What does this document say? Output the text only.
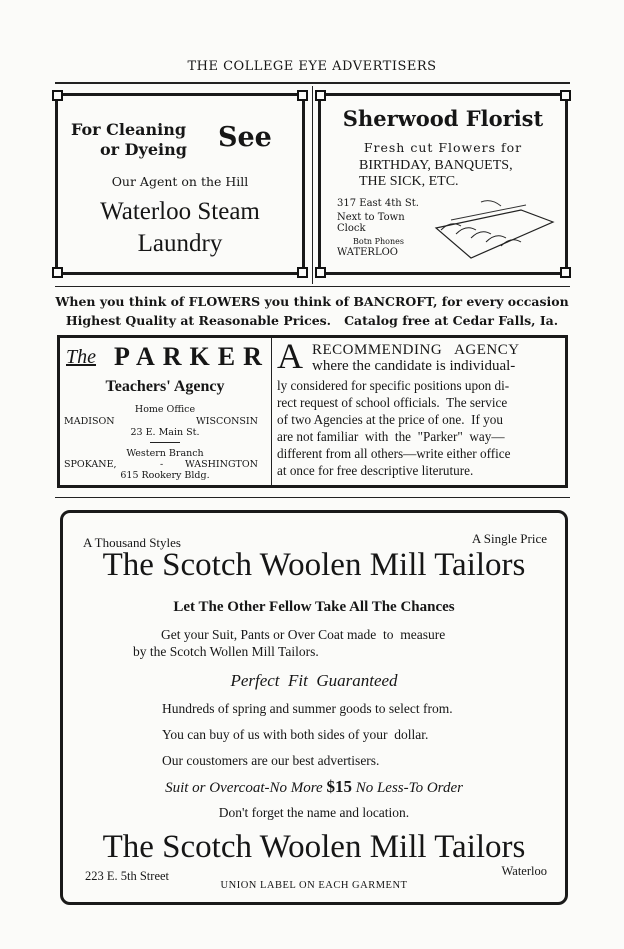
THE COLLEGE EYE ADVERTISERS
For Cleaning
or Dyeing See
Our Agent on the Hill
Waterloo Steam
Laundry
Sherwood Florist
Fresh cut Flowers for
BIRTHDAY, BANQUETS,
THE SICK, ETC.
317 East 4th St.
Next to Town
Clock
Botn Phones
WATERLOO
When you think of FLOWERS you think of BANCROFT, for every occasion
Highest Quality at Reasonable Prices.   Catalog free at Cedar Falls, Ia.
The PARKER
Teachers' Agency
Home Office
MADISON	WISCONSIN
23 E. Main St.
Western Branch
SPOKANE,	- WASHINGTON
615 Rookery Bldg.
A RECOMMENDING   AGENCY
where the candidate is individual-
ly considered for specific positions upon di-
rect request of school officials.  The service
of two Agencies at the price of one.  If you
are not familiar  with  the  "Parker"  way—
different from all others—write either office
at once for free descriptive literuture.
A Thousand Styles	A Single Price
The Scotch Woolen Mill Tailors
Let The Other Fellow Take All The Chances
Get your Suit, Pants or Over Coat made  to  measure
by the Scotch Wollen Mill Tailors.
Perfect  Fit  Guaranteed
Hundreds of spring and summer goods to select from.
You can buy of us with both sides of your  dollar.
Our coustomers are our best advertisers.
Suit or Overcoat-No More $15 No Less-To Order
Don't forget the name and location.
The Scotch Woolen Mill Tailors
223 E. 5th Street	Waterloo
UNION LABEL ON EACH GARMENT
